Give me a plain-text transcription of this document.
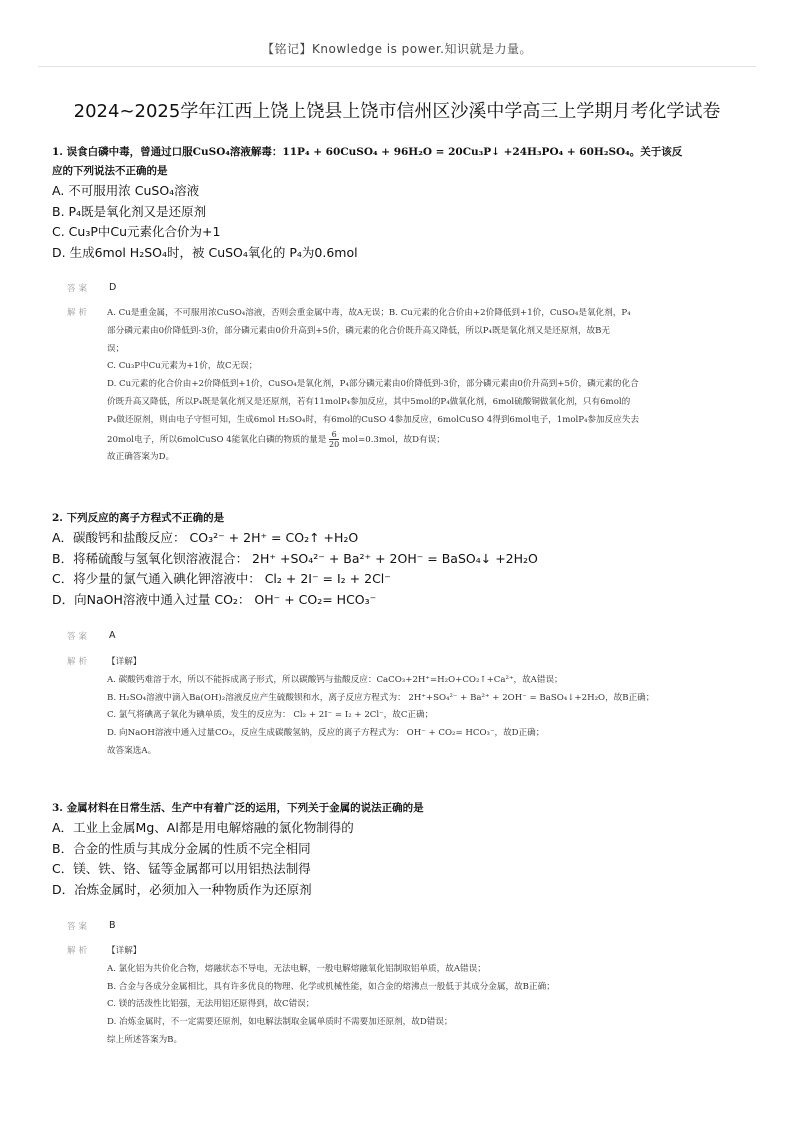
【铭记】Knowledge is power.知识就是力量。
2024~2025学年江西上饶上饶县上饶市信州区沙溪中学高三上学期月考化学试卷
1. 误食白磷中毒，曾通过口服CuSO₄溶液解毒：11P₄ + 60CuSO₄ + 96H₂O = 20Cu₃P↓ +24H₃PO₄ + 60H₂SO₄。关于该反
应的下列说法不正确的是
A. 不可服用浓 CuSO₄溶液
B. P₄既是氧化剂又是还原剂
C. Cu₃P中Cu元素化合价为+1
D. 生成6mol H₂SO₄时，被 CuSO₄氧化的 P₄为0.6mol
答案	D
解析	A. Cu是重金属，不可服用浓CuSO₄溶液，否则会重金属中毒，故A无误；B. Cu元素的化合价由+2价降低到+1价，CuSO₄是氧化剂，P₄
部分磷元素由0价降低到-3价，部分磷元素由0价升高到+5价，磷元素的化合价既升高又降低，所以P₄既是氧化剂又是还原剂，故B无
误；
C. Cu₃P中Cu元素为+1价，故C无误；
D. Cu元素的化合价由+2价降低到+1价，CuSO₄是氧化剂，P₄部分磷元素由0价降低到-3价，部分磷元素由0价升高到+5价，磷元素的化合
价既升高又降低，所以P₄既是氧化剂又是还原剂，若有11molP₄参加反应，其中5mol的P₄做氧化剂，6mol硫酸铜做氧化剂，只有6mol的
P₄做还原剂，则由电子守恒可知，生成6mol H₂SO₄时，有6mol的CuSO 4参加反应，6molCuSO 4得到6mol电子，1molP₄参加反应失去
20mol电子，所以6molCuSO 4能氧化白磷的物质的量是 $\frac{6}{20} mol=0.3mol$，故D有误；
故正确答案为D。
2. 下列反应的离子方程式不正确的是
A．碳酸钙和盐酸反应： CO₃²⁻ + 2H⁺ = CO₂↑ +H₂O
B．将稀硫酸与氢氧化钡溶液混合： 2H⁺ +SO₄²⁻ + Ba²⁺ + 2OH⁻ = BaSO₄↓ +2H₂O
C．将少量的氯气通入碘化钾溶液中： Cl₂ + 2I⁻ = I₂ + 2Cl⁻
D．向NaOH溶液中通入过量 CO₂： OH⁻ + CO₂= HCO₃⁻
答案	A
解析	【详解】
A. 碳酸钙难溶于水，所以不能拆成离子形式，所以碳酸钙与盐酸反应：CaCO₃+2H⁺=H₂O+CO₂↑+Ca²⁺，故A错误；
B. H₂SO₄溶液中滴入Ba(OH)₂溶液反应产生硫酸钡和水，离子反应方程式为： 2H⁺+SO₄²⁻ + Ba²⁺ + 2OH⁻ = BaSO₄↓+2H₂O，故B正确；
C. 氯气将碘离子氧化为碘单质，发生的反应为： Cl₂ + 2I⁻ = I₂ + 2Cl⁻，故C正确；
D. 向NaOH溶液中通入过量CO₂，反应生成碳酸氢钠，反应的离子方程式为： OH⁻ + CO₂= HCO₃⁻，故D正确；
故答案选A。
3. 金属材料在日常生活、生产中有着广泛的运用，下列关于金属的说法正确的是
A．工业上金属Mg、Al都是用电解熔融的氯化物制得的
B．合金的性质与其成分金属的性质不完全相同
C．镁、铁、铬、锰等金属都可以用铝热法制得
D．冶炼金属时，必须加入一种物质作为还原剂
答案	B
解析	【详解】
A. 氯化铝为共价化合物，熔融状态不导电，无法电解，一般电解熔融氧化铝制取铝单质，故A错误；
B. 合金与各成分金属相比，具有许多优良的物理、化学或机械性能，如合金的熔沸点一般低于其成分金属，故B正确；
C. 镁的活泼性比铝强，无法用铝还原得到，故C错误；
D. 冶炼金属时，不一定需要还原剂，如电解法制取金属单质时不需要加还原剂，故D错误；
综上所述答案为B。
